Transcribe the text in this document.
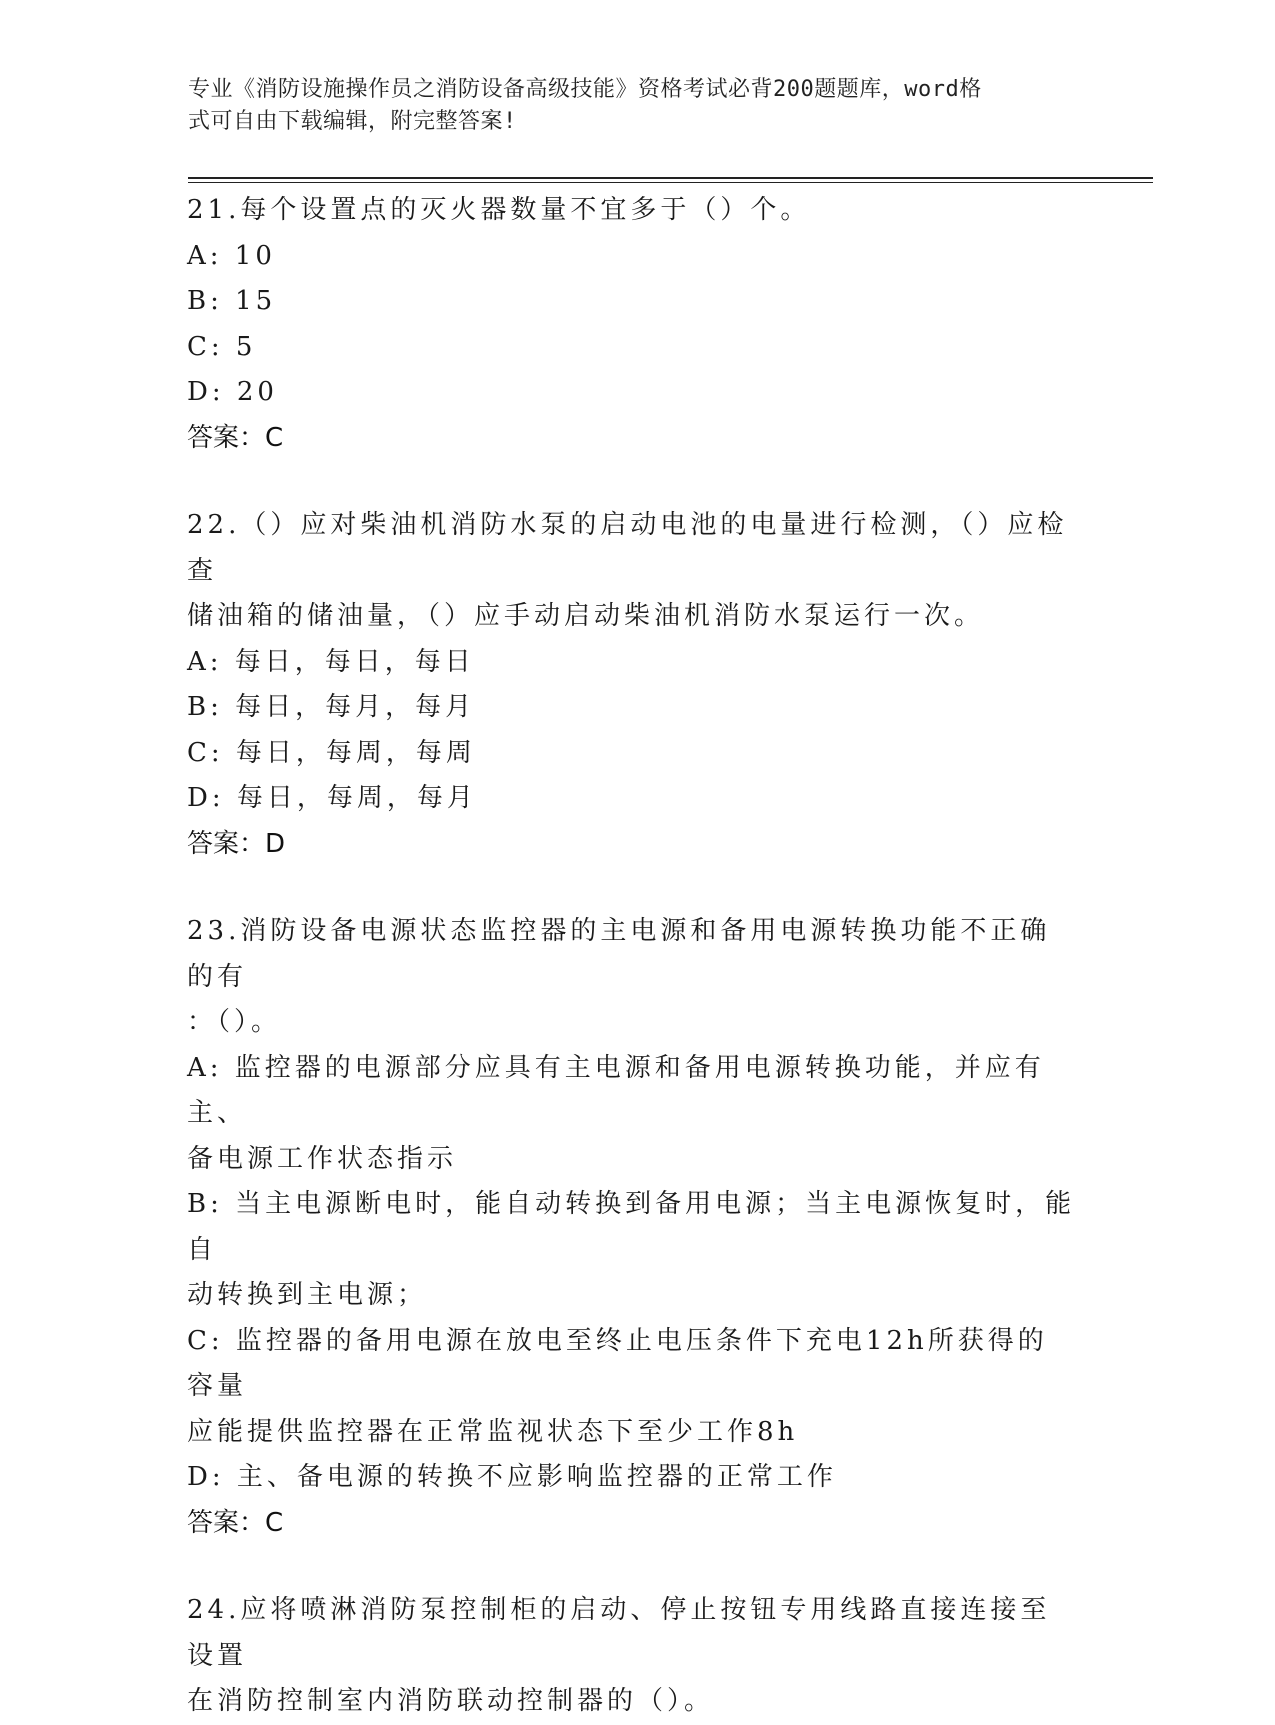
专业《消防设施操作员之消防设备高级技能》资格考试必背200题题库，word格
式可自由下载编辑，附完整答案!
21.每个设置点的灭火器数量不宜多于（）个。
A: 10
B: 15
C: 5
D: 20
答案：C
22.（）应对柴油机消防水泵的启动电池的电量进行检测，（）应检查
储油箱的储油量，（）应手动启动柴油机消防水泵运行一次。
A: 每日，每日，每日
B: 每日，每月，每月
C: 每日，每周，每周
D: 每日，每周，每月
答案：D
23.消防设备电源状态监控器的主电源和备用电源转换功能不正确的有
：（）。
A: 监控器的电源部分应具有主电源和备用电源转换功能，并应有主、
备电源工作状态指示
B: 当主电源断电时，能自动转换到备用电源；当主电源恢复时，能自
动转换到主电源；
C: 监控器的备用电源在放电至终止电压条件下充电12h所获得的容量
应能提供监控器在正常监视状态下至少工作8h
D: 主、备电源的转换不应影响监控器的正常工作
答案：C
24.应将喷淋消防泵控制柜的启动、停止按钮专用线路直接连接至设置
在消防控制室内消防联动控制器的（）。
